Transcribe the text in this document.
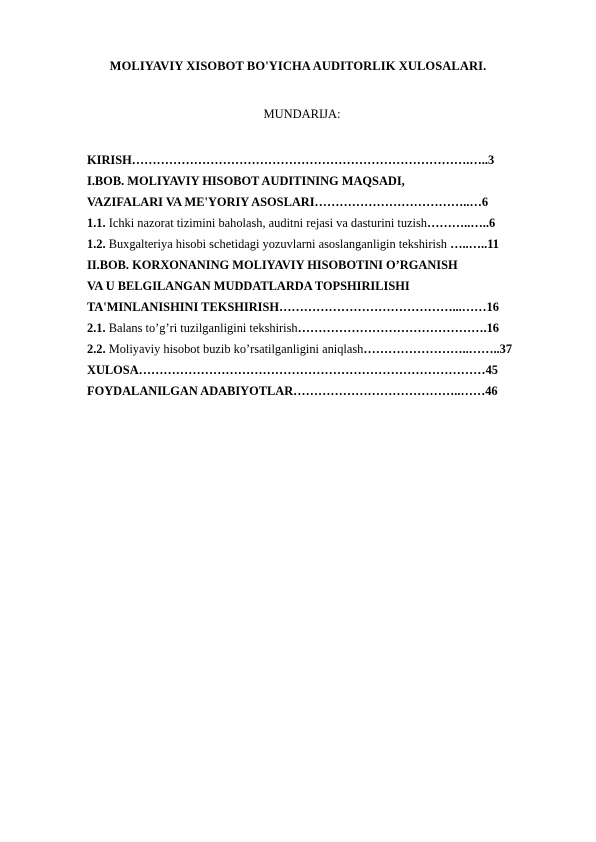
MOLIYAVIY XISOBOT BO'YICHA AUDITORLIK XULOSALARI.
MUNDARIJA:
KIRISH……………………………………………………………………….…..3
I.BOB. MOLIYAVIY HISOBOT AUDITINING MAQSADI,
VAZIFALARI VA ME'YORIY ASOSLARI………………………………..…6
1.1. Ichki nazorat tizimini baholash, auditni rejasi va dasturini tuzish………..…..6
1.2. Buxgalteriya hisobi schetidagi yozuvlarni asoslanganligin tekshirish …..…..11
II.BOB. KORXONANING MOLIYAVIY HISOBOTINI O’RGANISH
VA U BELGILANGAN MUDDATLARDA TOPSHIRILISHI
TA'MINLANISHINI TEKSHIRISH……………………………………...……16
2.1. Balans to’g’ri tuzilganligini tekshirish……………………………………….16
2.2. Moliyaviy hisobot buzib ko’rsatilganligini aniqlash……………………..……..37
XULOSA…………………………………………………………………………45
FOYDALANILGAN ADABIYOTLAR…………………………………..……46
